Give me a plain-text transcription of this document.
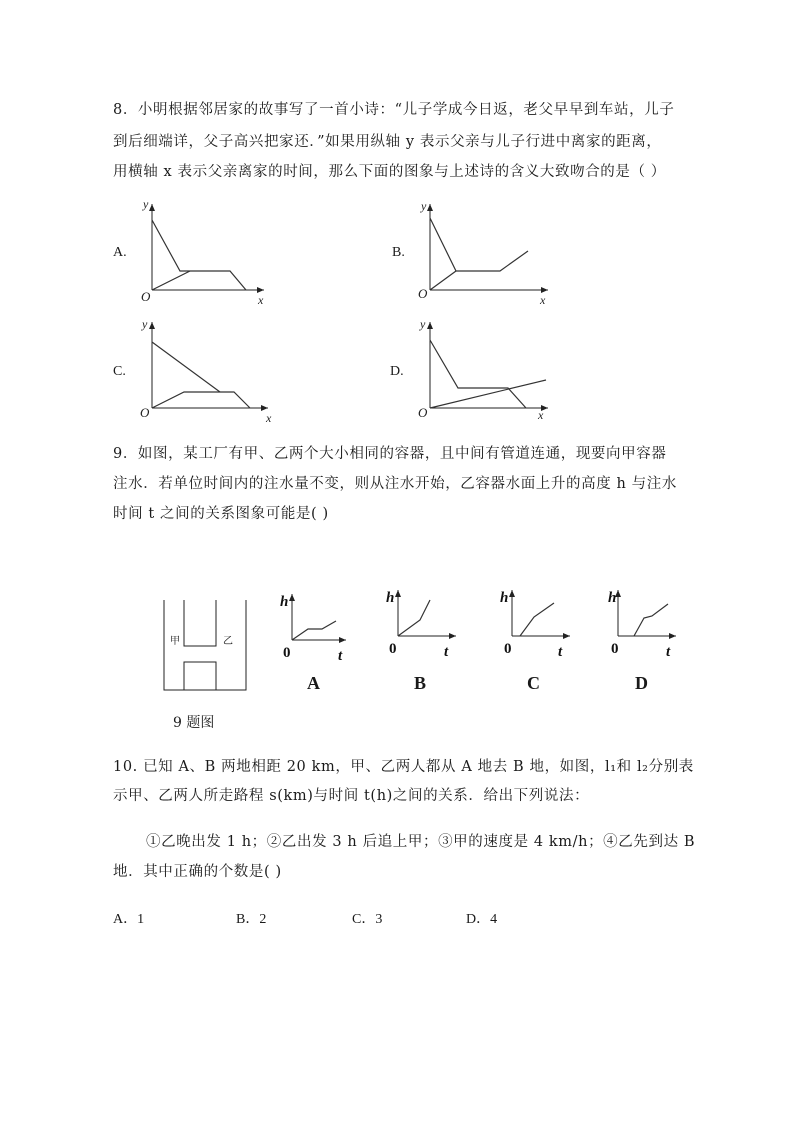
8．小明根据邻居家的故事写了一首小诗：“儿子学成今日返，老父早早到车站，儿子
到后细端详，父子高兴把家还．”如果用纵轴 y 表示父亲与儿子行进中离家的距离，
用横轴 x 表示父亲离家的时间，那么下面的图象与上述诗的含义大致吻合的是（ ）
A.	B.
C.	D.
y
x
O
y
x
O
y
x
O
y
x
O
9．如图，某工厂有甲、乙两个大小相同的容器，且中间有管道连通，现要向甲容器
注水．若单位时间内的注水量不变，则从注水开始，乙容器水面上升的高度 h 与注水
时间 t 之间的关系图象可能是( )
甲	乙
9 题图
h
t
0
A
h
t
0
B
h
t
0
C
h
t
0
D
10. 已知 A、B 两地相距 20 km，甲、乙两人都从 A 地去 B 地，如图，l₁和 l₂分别表
示甲、乙两人所走路程 s(km)与时间 t(h)之间的关系．给出下列说法：
①乙晚出发 1 h；②乙出发 3 h 后追上甲；③甲的速度是 4 km/h；④乙先到达 B
地．其中正确的个数是( )
A．1	B．2	C．3	D．4
